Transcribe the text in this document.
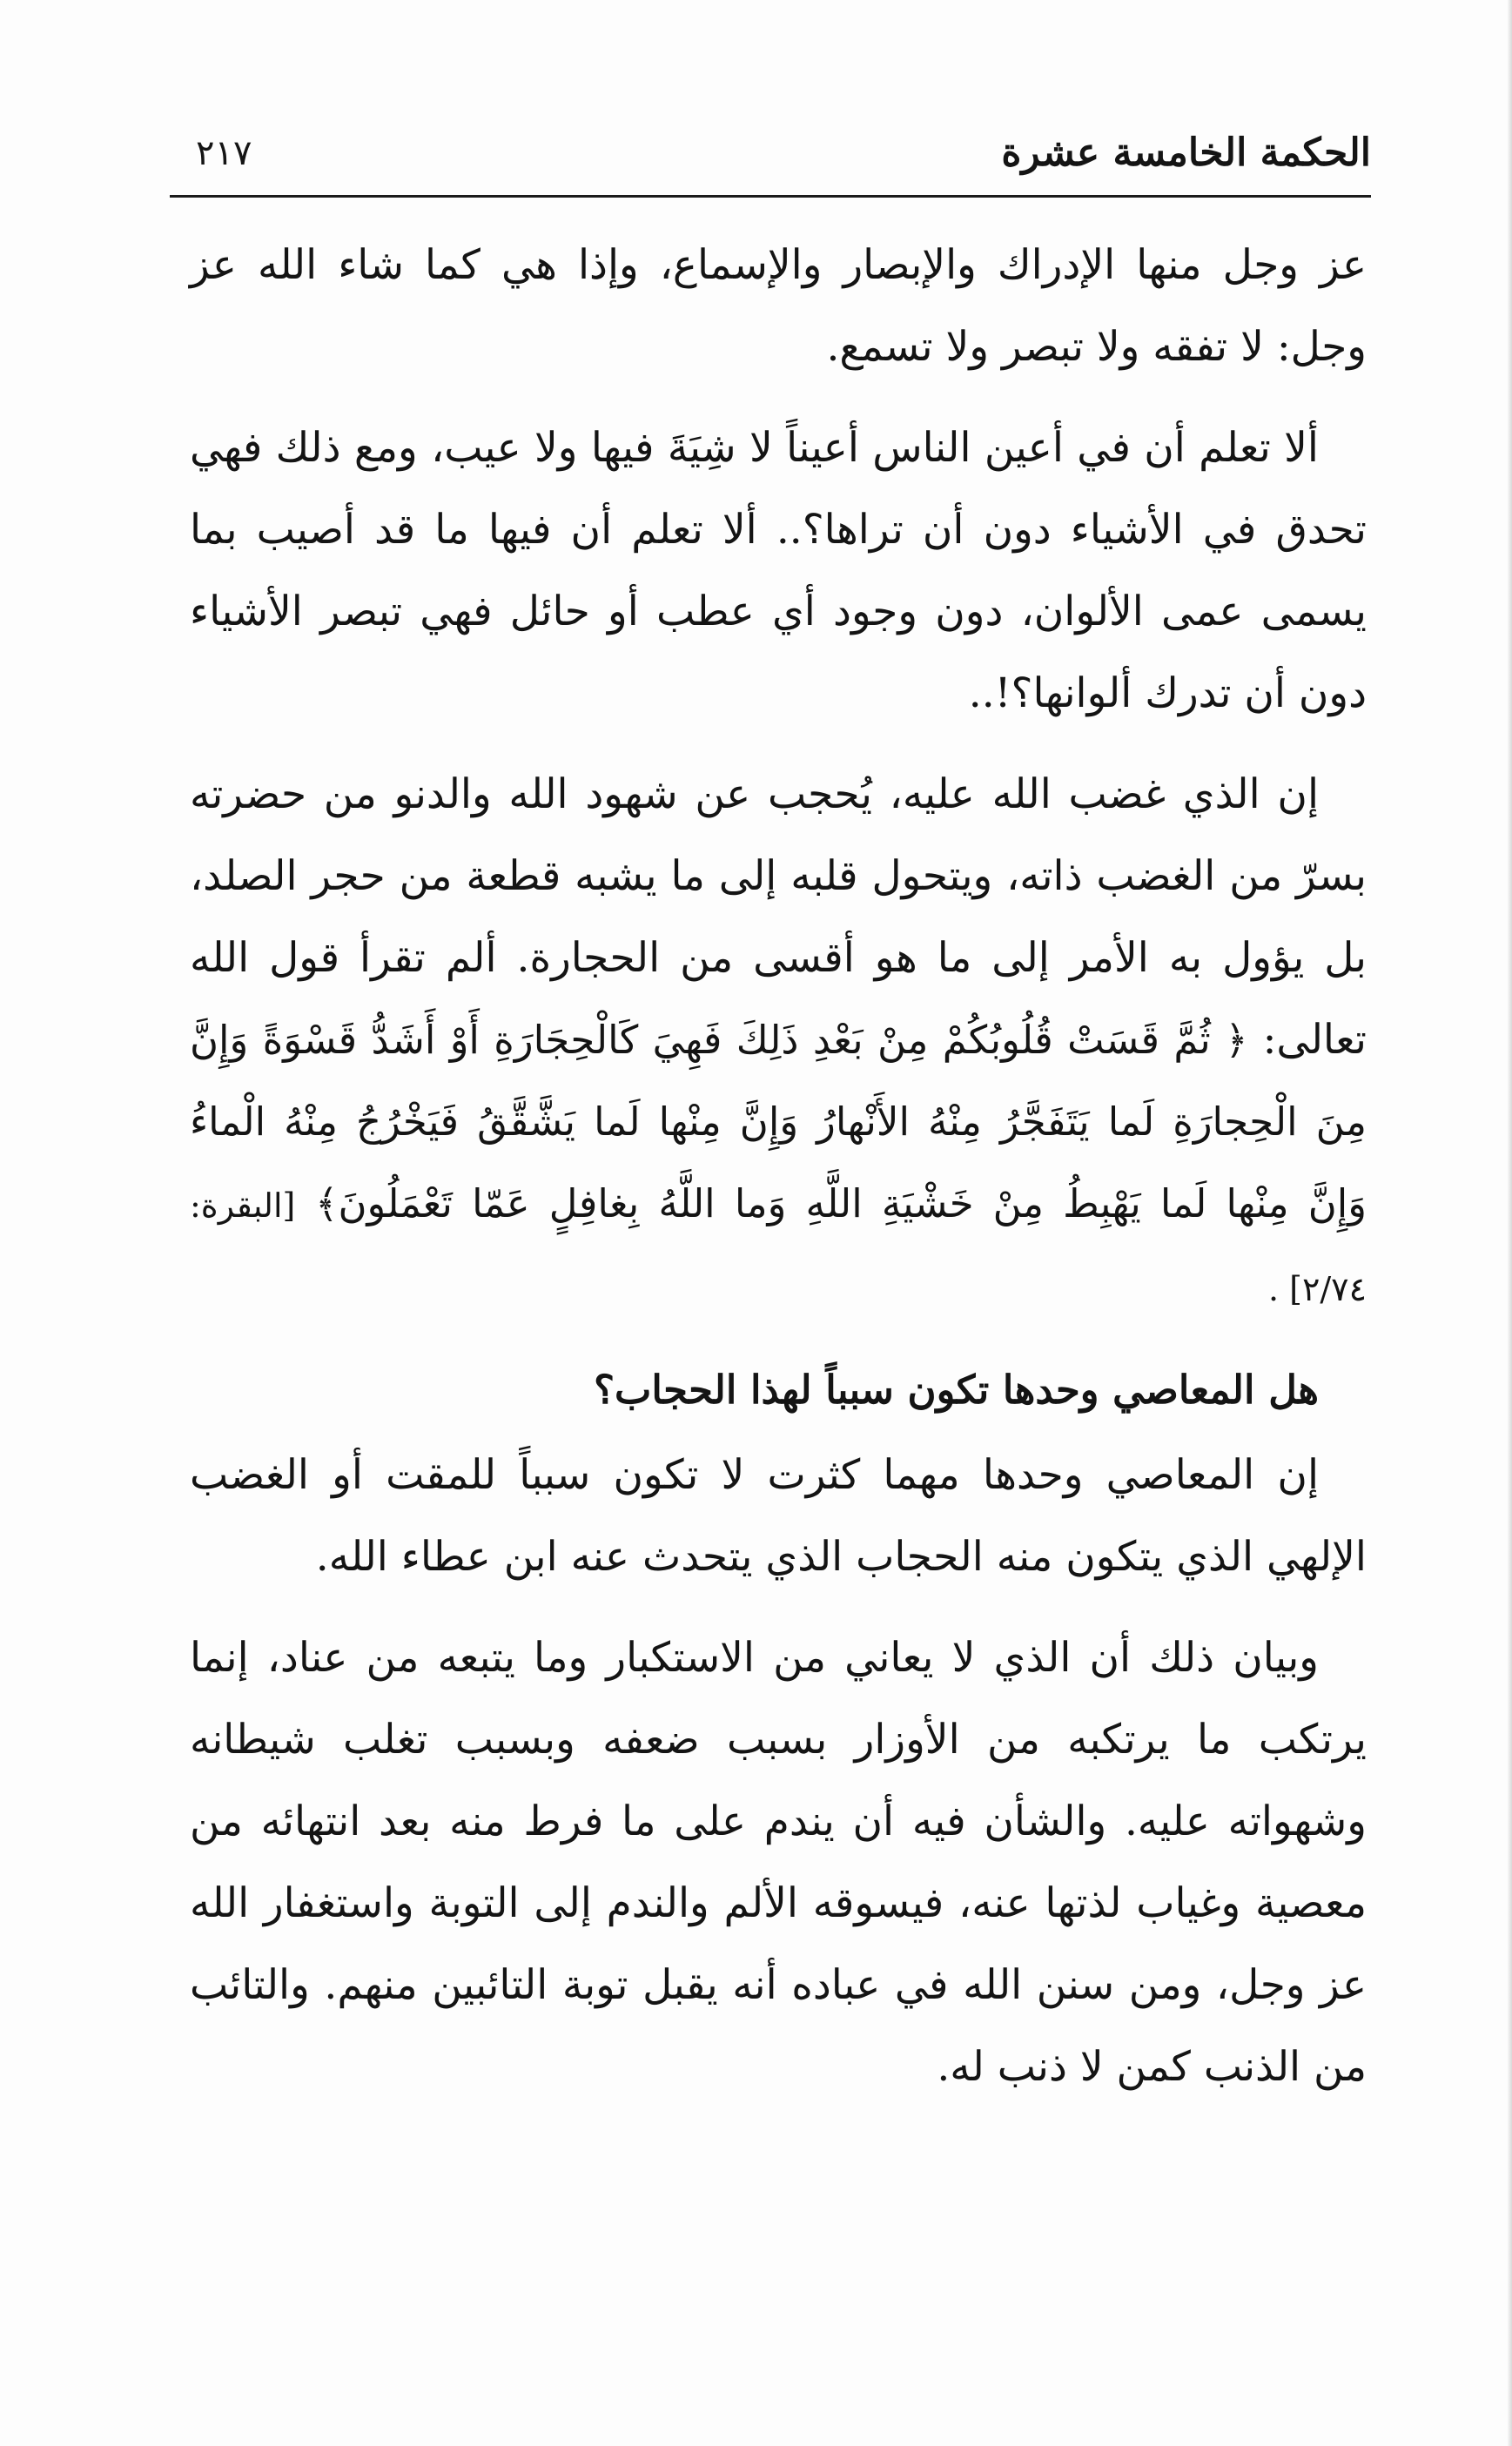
الحكمة الخامسة عشرة
٢١٧

عز وجل منها الإدراك والإبصار والإسماع، وإذا هي كما شاء الله عز وجل: لا تفقه ولا تبصر ولا تسمع.

ألا تعلم أن في أعين الناس أعيناً لا شِيَةَ فيها ولا عيب، ومع ذلك فهي تحدق في الأشياء دون أن تراها؟.. ألا تعلم أن فيها ما قد أصيب بما يسمى عمى الألوان، دون وجود أي عطب أو حائل فهي تبصر الأشياء دون أن تدرك ألوانها؟!..

إن الذي غضب الله عليه، يُحجب عن شهود الله والدنو من حضرته بسرّ من الغضب ذاته، ويتحول قلبه إلى ما يشبه قطعة من حجر الصلد، بل يؤول به الأمر إلى ما هو أقسى من الحجارة. ألم تقرأ قول الله تعالى: ﴿ ثُمَّ قَسَتْ قُلُوبُكُمْ مِنْ بَعْدِ ذَلِكَ فَهِيَ كَالْحِجَارَةِ أَوْ أَشَدُّ قَسْوَةً وَإِنَّ مِنَ الْحِجارَةِ لَما يَتَفَجَّرُ مِنْهُ الأَنْهارُ وَإِنَّ مِنْها لَما يَشَّقَّقُ فَيَخْرُجُ مِنْهُ الْماءُ وَإِنَّ مِنْها لَما يَهْبِطُ مِنْ خَشْيَةِ اللَّهِ وَما اللَّهُ بِغافِلٍ عَمّا تَعْمَلُونَ﴾ [البقرة: ٢/٧٤] .

هل المعاصي وحدها تكون سبباً لهذا الحجاب؟

إن المعاصي وحدها مهما كثرت لا تكون سبباً للمقت أو الغضب الإلهي الذي يتكون منه الحجاب الذي يتحدث عنه ابن عطاء الله.

وبيان ذلك أن الذي لا يعاني من الاستكبار وما يتبعه من عناد، إنما يرتكب ما يرتكبه من الأوزار بسبب ضعفه وبسبب تغلب شيطانه وشهواته عليه. والشأن فيه أن يندم على ما فرط منه بعد انتهائه من معصية وغياب لذتها عنه، فيسوقه الألم والندم إلى التوبة واستغفار الله عز وجل، ومن سنن الله في عباده أنه يقبل توبة التائبين منهم. والتائب من الذنب كمن لا ذنب له.
